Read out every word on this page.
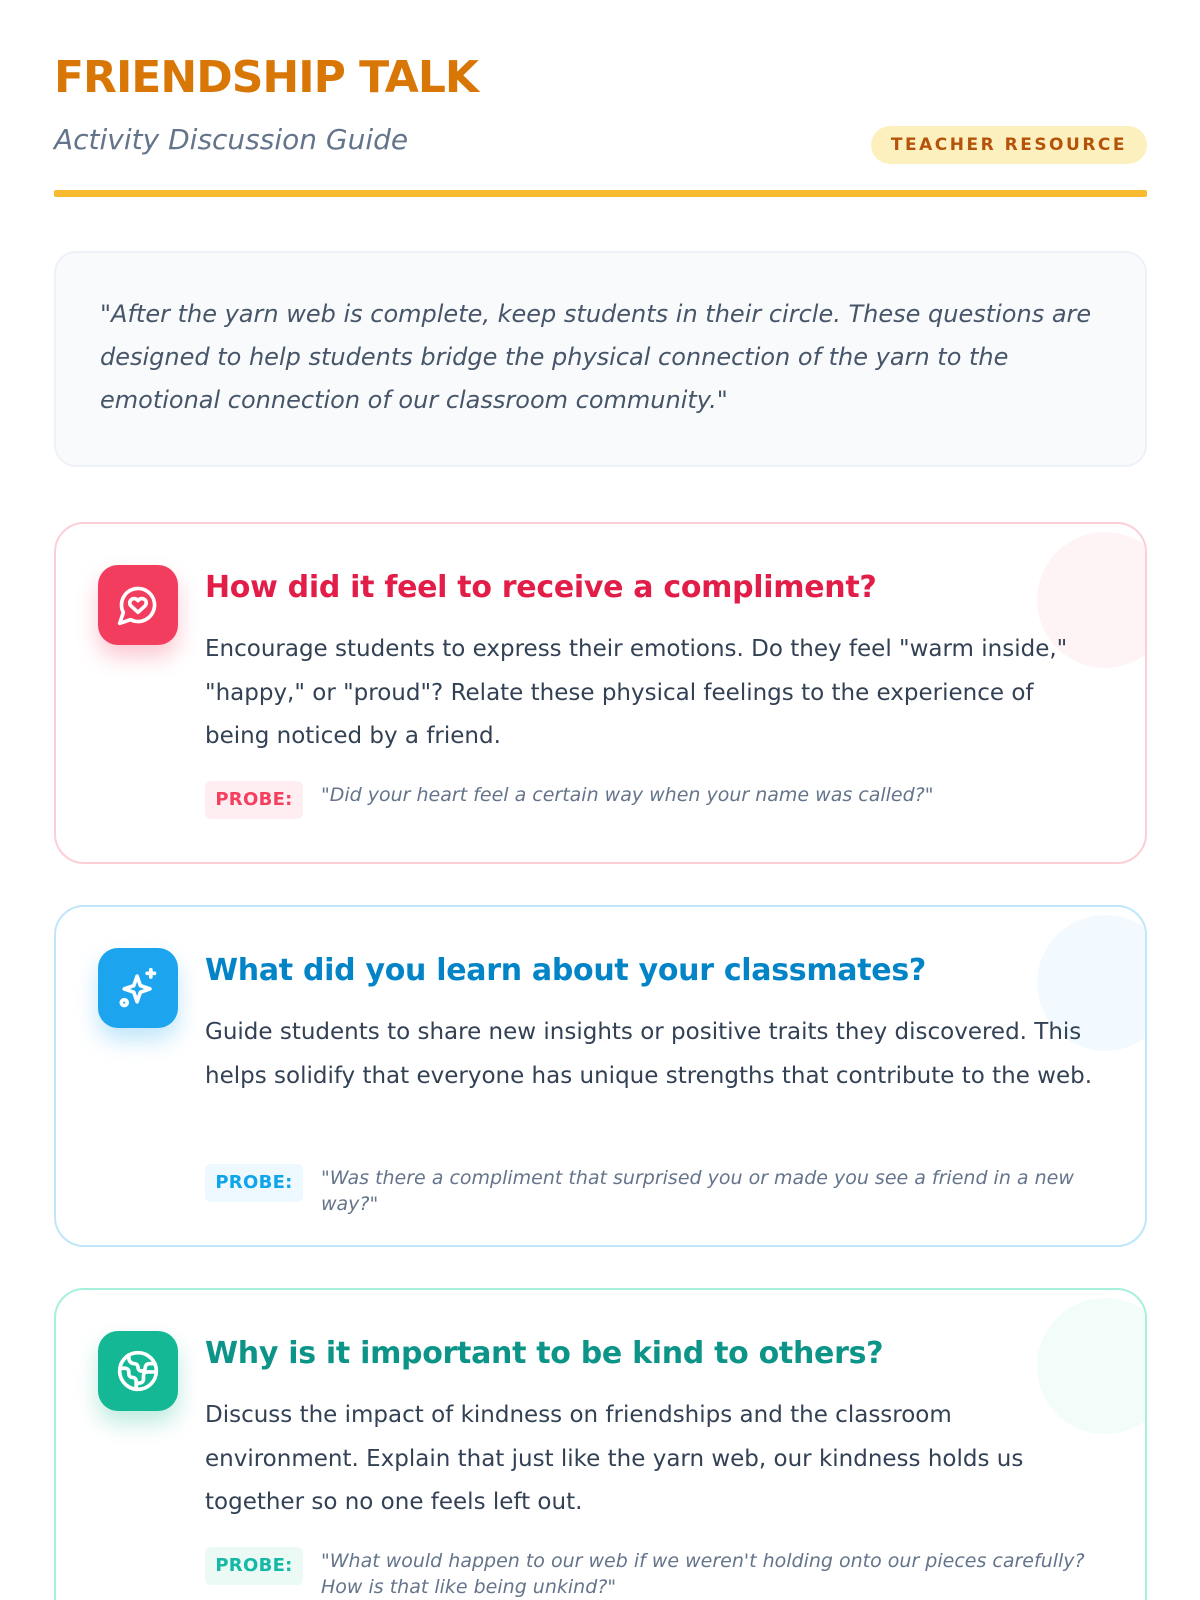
FRIENDSHIP TALK
Activity Discussion Guide	TEACHER RESOURCE

"After the yarn web is complete, keep students in their circle. These questions are designed to help students bridge the physical connection of the yarn to the emotional connection of our classroom community."

How did it feel to receive a compliment?
Encourage students to express their emotions. Do they feel "warm inside," "happy," or "proud"? Relate these physical feelings to the experience of being noticed by a friend.
PROBE:	"Did your heart feel a certain way when your name was called?"
What did you learn about your classmates?
Guide students to share new insights or positive traits they discovered. This helps solidify that everyone has unique strengths that contribute to the web.
PROBE:	"Was there a compliment that surprised you or made you see a friend in a new way?"
Why is it important to be kind to others?
Discuss the impact of kindness on friendships and the classroom environment. Explain that just like the yarn web, our kindness holds us together so no one feels left out.
PROBE:	"What would happen to our web if we weren't holding onto our pieces carefully? How is that like being unkind?"
